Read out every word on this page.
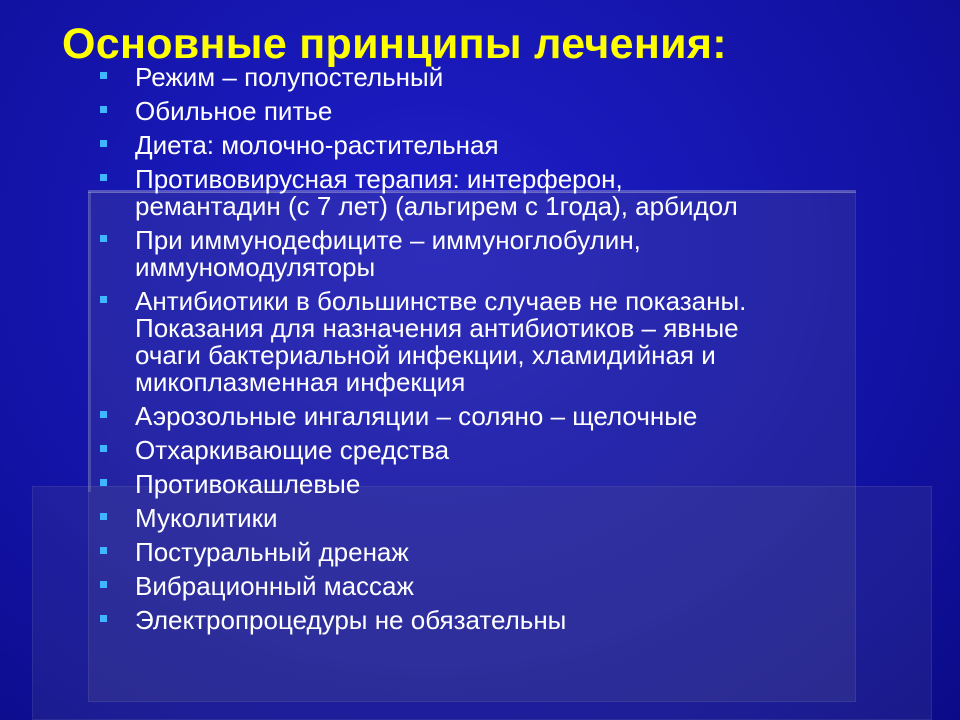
Основные принципы лечения:
Режим – полупостельный
Обильное питье
Диета: молочно-растительная
Противовирусная терапия: интерферон,
ремантадин (с 7 лет) (альгирем с 1года), арбидол
При иммунодефиците – иммуноглобулин,
иммуномодуляторы
Антибиотики в большинстве случаев не показаны.
Показания для назначения антибиотиков – явные
очаги бактериальной инфекции, хламидийная и
микоплазменная инфекция
Аэрозольные ингаляции – соляно – щелочные
Отхаркивающие средства
Противокашлевые
Муколитики
Постуральный дренаж
Вибрационный массаж
Электропроцедуры не обязательны
